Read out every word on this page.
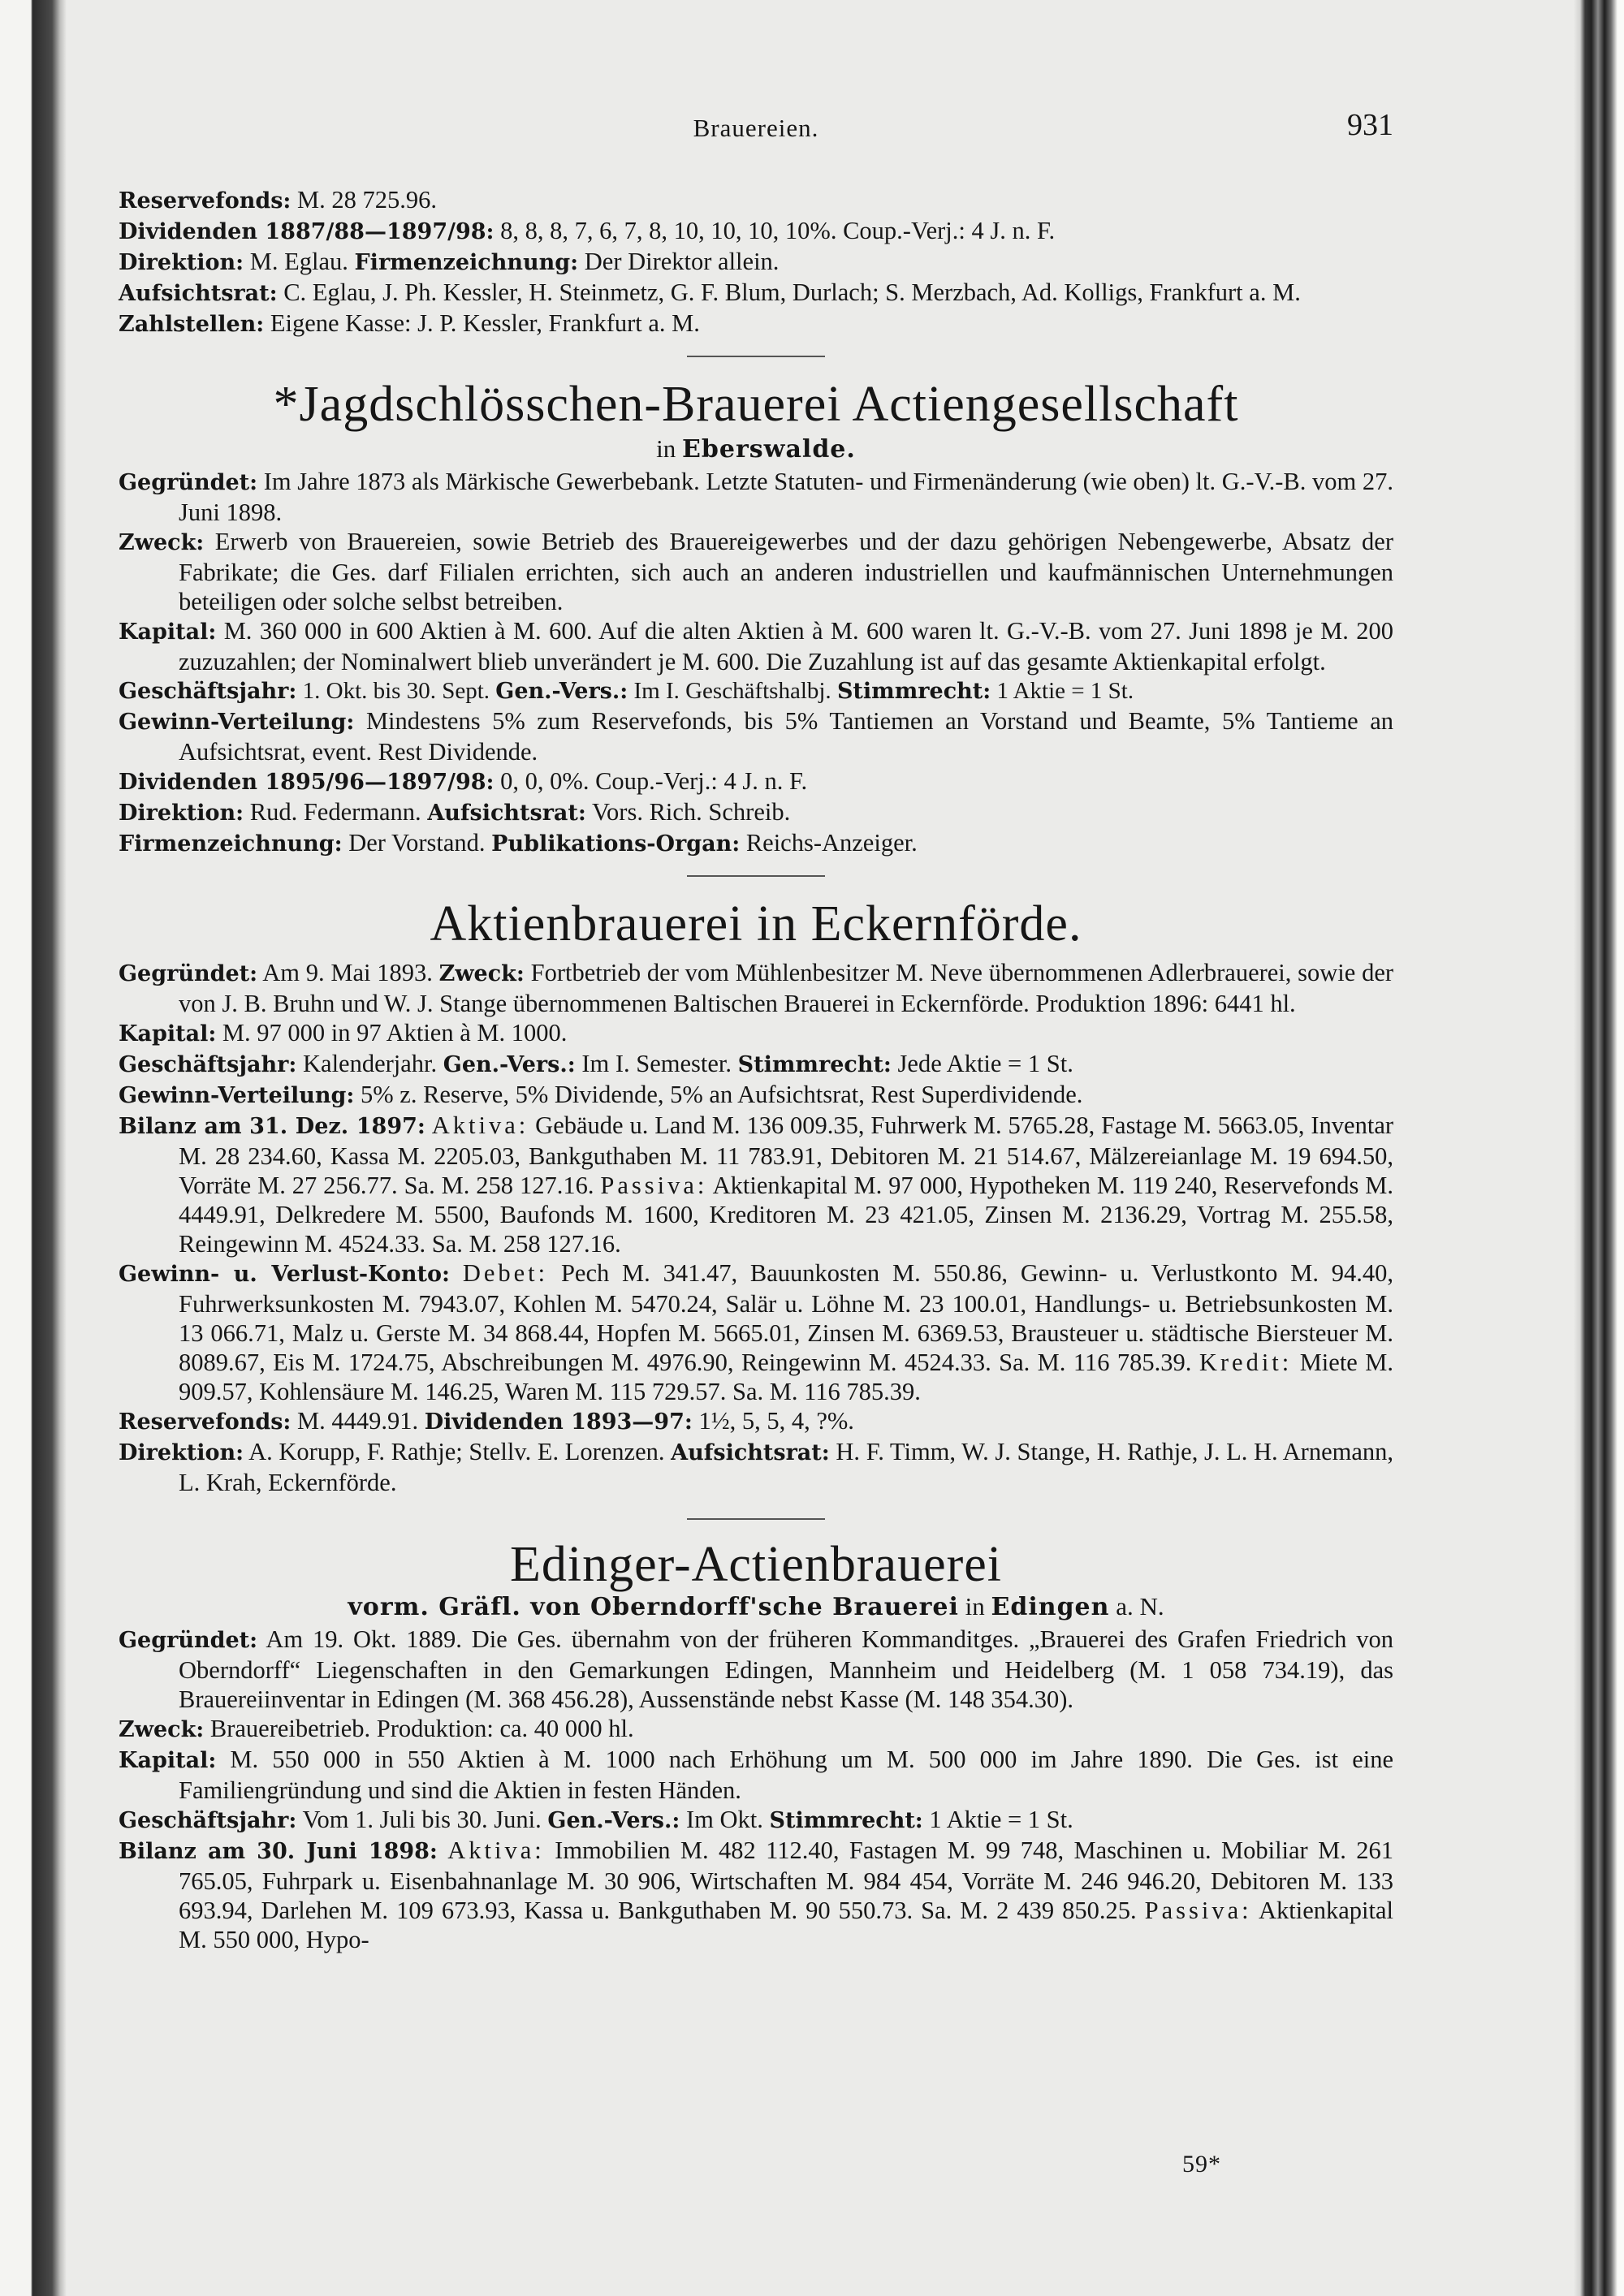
Brauereien.	931

Reservefonds: M. 28 725.96.

Dividenden 1887/88—1897/98: 8, 8, 8, 7, 6, 7, 8, 10, 10, 10, 10%. Coup.-Verj.: 4 J. n. F.

Direktion: M. Eglau. Firmenzeichnung: Der Direktor allein.

Aufsichtsrat: C. Eglau, J. Ph. Kessler, H. Steinmetz, G. F. Blum, Durlach; S. Merzbach, Ad. Kolligs, Frankfurt a. M.

Zahlstellen: Eigene Kasse: J. P. Kessler, Frankfurt a. M.

*Jagdschlösschen-Brauerei Actiengesellschaft
in Eberswalde.

Gegründet: Im Jahre 1873 als Märkische Gewerbebank. Letzte Statuten- und Firmenänderung (wie oben) lt. G.-V.-B. vom 27. Juni 1898.

Zweck: Erwerb von Brauereien, sowie Betrieb des Brauereigewerbes und der dazu gehörigen Nebengewerbe, Absatz der Fabrikate; die Ges. darf Filialen errichten, sich auch an anderen industriellen und kaufmännischen Unternehmungen beteiligen oder solche selbst betreiben.

Kapital: M. 360 000 in 600 Aktien à M. 600. Auf die alten Aktien à M. 600 waren lt. G.-V.-B. vom 27. Juni 1898 je M. 200 zuzuzahlen; der Nominalwert blieb unverändert je M. 600. Die Zuzahlung ist auf das gesamte Aktienkapital erfolgt.

Geschäftsjahr: 1. Okt. bis 30. Sept. Gen.-Vers.: Im I. Geschäftshalbj. Stimmrecht: 1 Aktie = 1 St.

Gewinn-Verteilung: Mindestens 5% zum Reservefonds, bis 5% Tantiemen an Vorstand und Beamte, 5% Tantieme an Aufsichtsrat, event. Rest Dividende.

Dividenden 1895/96—1897/98: 0, 0, 0%. Coup.-Verj.: 4 J. n. F.

Direktion: Rud. Federmann. Aufsichtsrat: Vors. Rich. Schreib.

Firmenzeichnung: Der Vorstand. Publikations-Organ: Reichs-Anzeiger.

Aktienbrauerei in Eckernförde.

Gegründet: Am 9. Mai 1893. Zweck: Fortbetrieb der vom Mühlenbesitzer M. Neve übernommenen Adlerbrauerei, sowie der von J. B. Bruhn und W. J. Stange übernommenen Baltischen Brauerei in Eckernförde. Produktion 1896: 6441 hl.

Kapital: M. 97 000 in 97 Aktien à M. 1000.

Geschäftsjahr: Kalenderjahr. Gen.-Vers.: Im I. Semester. Stimmrecht: Jede Aktie = 1 St.

Gewinn-Verteilung: 5% z. Reserve, 5% Dividende, 5% an Aufsichtsrat, Rest Superdividende.

Bilanz am 31. Dez. 1897: Aktiva: Gebäude u. Land M. 136 009.35, Fuhrwerk M. 5765.28, Fastage M. 5663.05, Inventar M. 28 234.60, Kassa M. 2205.03, Bankguthaben M. 11 783.91, Debitoren M. 21 514.67, Mälzereianlage M. 19 694.50, Vorräte M. 27 256.77. Sa. M. 258 127.16. Passiva: Aktienkapital M. 97 000, Hypotheken M. 119 240, Reservefonds M. 4449.91, Delkredere M. 5500, Baufonds M. 1600, Kreditoren M. 23 421.05, Zinsen M. 2136.29, Vortrag M. 255.58, Reingewinn M. 4524.33. Sa. M. 258 127.16.

Gewinn- u. Verlust-Konto: Debet: Pech M. 341.47, Bauunkosten M. 550.86, Gewinn- u. Verlustkonto M. 94.40, Fuhrwerksunkosten M. 7943.07, Kohlen M. 5470.24, Salär u. Löhne M. 23 100.01, Handlungs- u. Betriebsunkosten M. 13 066.71, Malz u. Gerste M. 34 868.44, Hopfen M. 5665.01, Zinsen M. 6369.53, Brausteuer u. städtische Biersteuer M. 8089.67, Eis M. 1724.75, Abschreibungen M. 4976.90, Reingewinn M. 4524.33. Sa. M. 116 785.39. Kredit: Miete M. 909.57, Kohlensäure M. 146.25, Waren M. 115 729.57. Sa. M. 116 785.39.

Reservefonds: M. 4449.91. Dividenden 1893—97: 1½, 5, 5, 4, ?%.

Direktion: A. Korupp, F. Rathje; Stellv. E. Lorenzen. Aufsichtsrat: H. F. Timm, W. J. Stange, H. Rathje, J. L. H. Arnemann, L. Krah, Eckernförde.

Edinger-Actienbrauerei
vorm. Gräfl. von Oberndorff'sche Brauerei in Edingen a. N.

Gegründet: Am 19. Okt. 1889. Die Ges. übernahm von der früheren Kommanditges. „Brauerei des Grafen Friedrich von Oberndorff“ Liegenschaften in den Gemarkungen Edingen, Mannheim und Heidelberg (M. 1 058 734.19), das Brauereiinventar in Edingen (M. 368 456.28), Aussenstände nebst Kasse (M. 148 354.30).

Zweck: Brauereibetrieb. Produktion: ca. 40 000 hl.

Kapital: M. 550 000 in 550 Aktien à M. 1000 nach Erhöhung um M. 500 000 im Jahre 1890. Die Ges. ist eine Familiengründung und sind die Aktien in festen Händen.

Geschäftsjahr: Vom 1. Juli bis 30. Juni. Gen.-Vers.: Im Okt. Stimmrecht: 1 Aktie = 1 St.

Bilanz am 30. Juni 1898: Aktiva: Immobilien M. 482 112.40, Fastagen M. 99 748, Maschinen u. Mobiliar M. 261 765.05, Fuhrpark u. Eisenbahnanlage M. 30 906, Wirtschaften M. 984 454, Vorräte M. 246 946.20, Debitoren M. 133 693.94, Darlehen M. 109 673.93, Kassa u. Bankguthaben M. 90 550.73. Sa. M. 2 439 850.25. Passiva: Aktienkapital M. 550 000, Hypo-

59*
